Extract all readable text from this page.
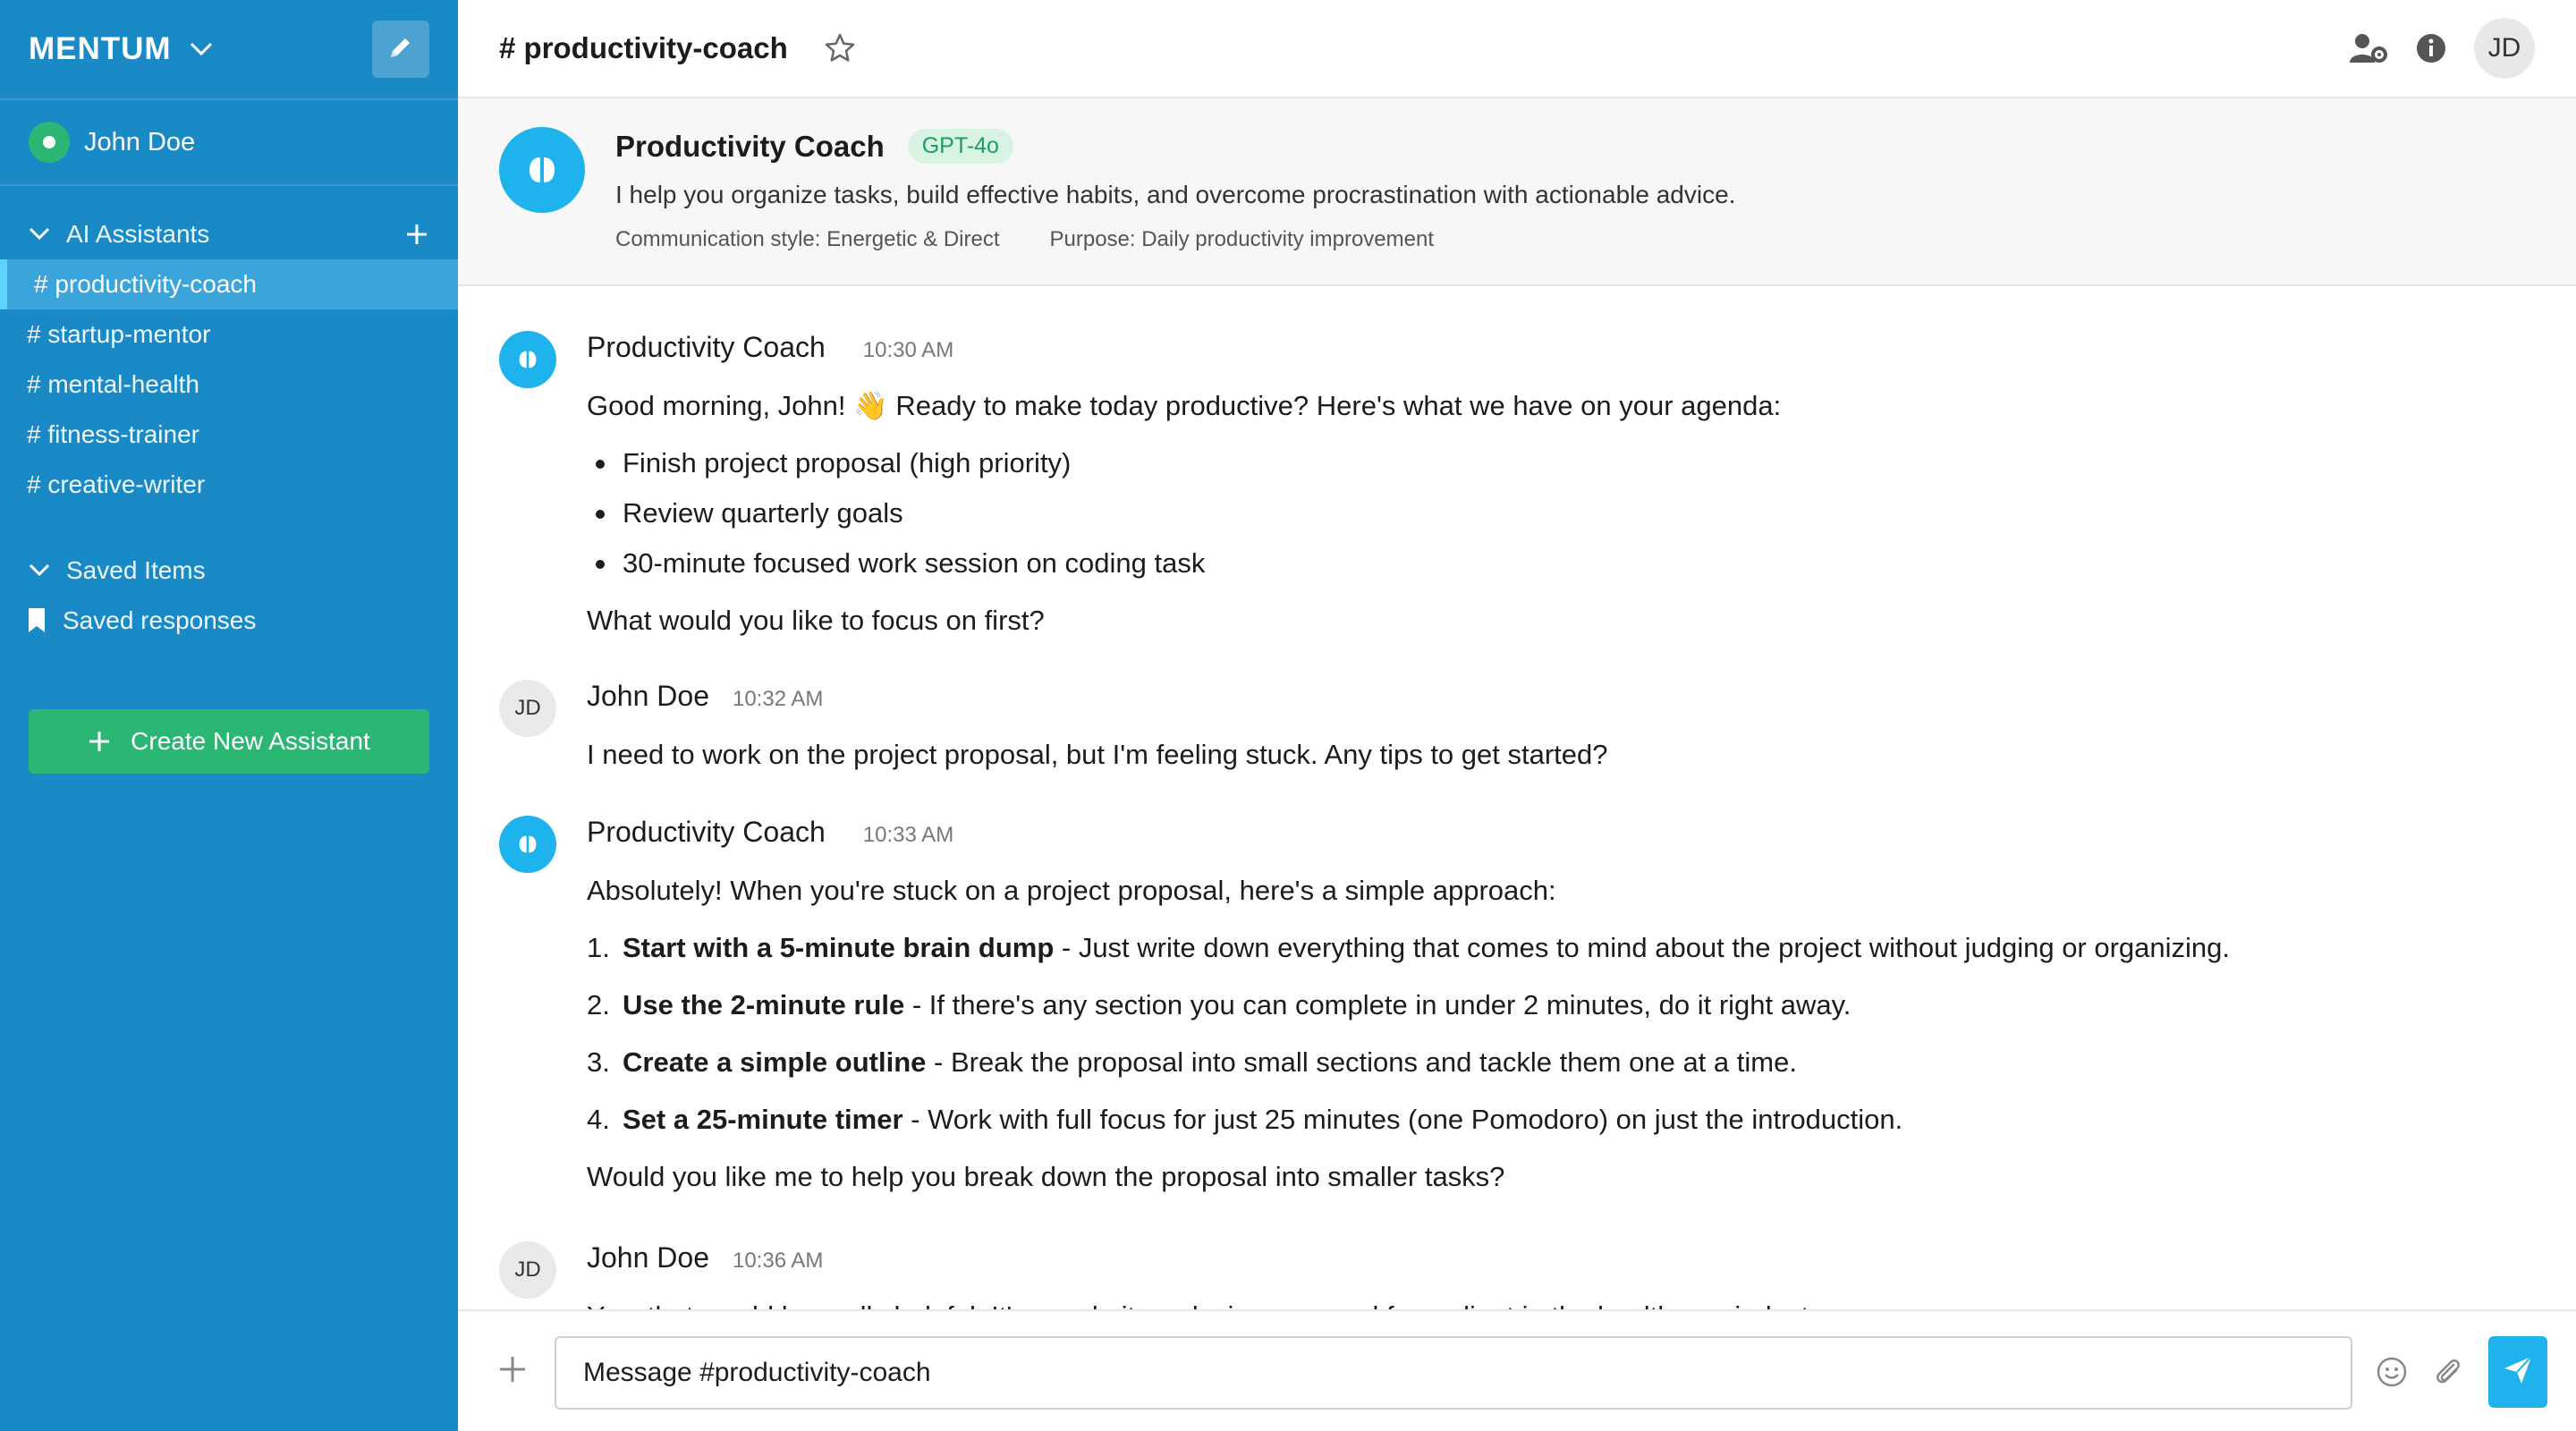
MENTUM
John Doe
AI Assistants
# productivity-coach
# startup-mentor
# mental-health
# fitness-trainer
# creative-writer
Saved Items
Saved responses
Create New Assistant
# productivity-coach	JD
Productivity Coach	GPT-4o
I help you organize tasks, build effective habits, and overcome procrastination with actionable advice.
Communication style: Energetic & Direct Purpose: Daily productivity improvement
Productivity Coach 10:30 AM
Good morning, John! 👋 Ready to make today productive? Here's what we have on your agenda:
Finish project proposal (high priority)
Review quarterly goals
30-minute focused work session on coding task
What would you like to focus on first?
JD	John Doe 10:32 AM
I need to work on the project proposal, but I'm feeling stuck. Any tips to get started?
Productivity Coach 10:33 AM
Absolutely! When you're stuck on a project proposal, here's a simple approach:
1. Start with a 5-minute brain dump - Just write down everything that comes to mind about the project without judging or organizing.
2. Use the 2-minute rule - If there's any section you can complete in under 2 minutes, do it right away.
3. Create a simple outline - Break the proposal into small sections and tackle them one at a time.
4. Set a 25-minute timer - Work with full focus for just 25 minutes (one Pomodoro) on just the introduction.
Would you like me to help you break down the proposal into smaller tasks?
JD	John Doe 10:36 AM
Message #productivity-coach
